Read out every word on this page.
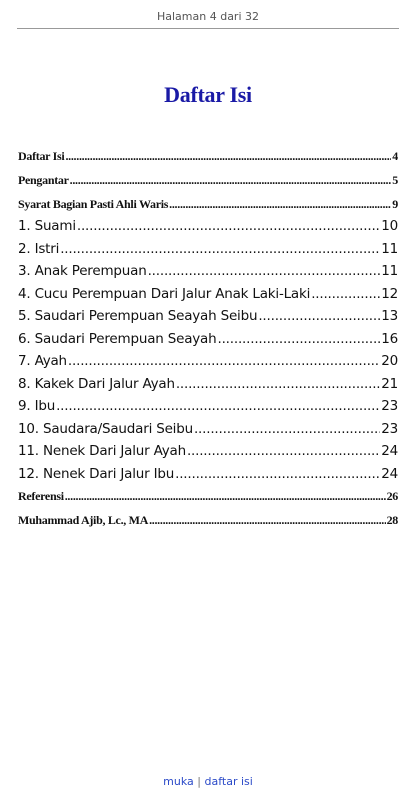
Halaman 4 dari 32
Daftar Isi
Daftar Isi .....	4
Pengantar .....	5
Syarat Bagian Pasti Ahli Waris .....	9
1. Suami .....	10
2. Istri .....	11
3. Anak Perempuan .....	11
4. Cucu Perempuan Dari Jalur Anak Laki-Laki .....	12
5. Saudari Perempuan Seayah Seibu .....	13
6. Saudari Perempuan Seayah .....	16
7. Ayah .....	20
8. Kakek Dari Jalur Ayah .....	21
9. Ibu .....	23
10. Saudara/Saudari Seibu .....	23
11. Nenek Dari Jalur Ayah .....	24
12. Nenek Dari Jalur Ibu .....	24
Referensi .....	26
Muhammad Ajib, Lc., MA .....	28
muka | daftar isi
